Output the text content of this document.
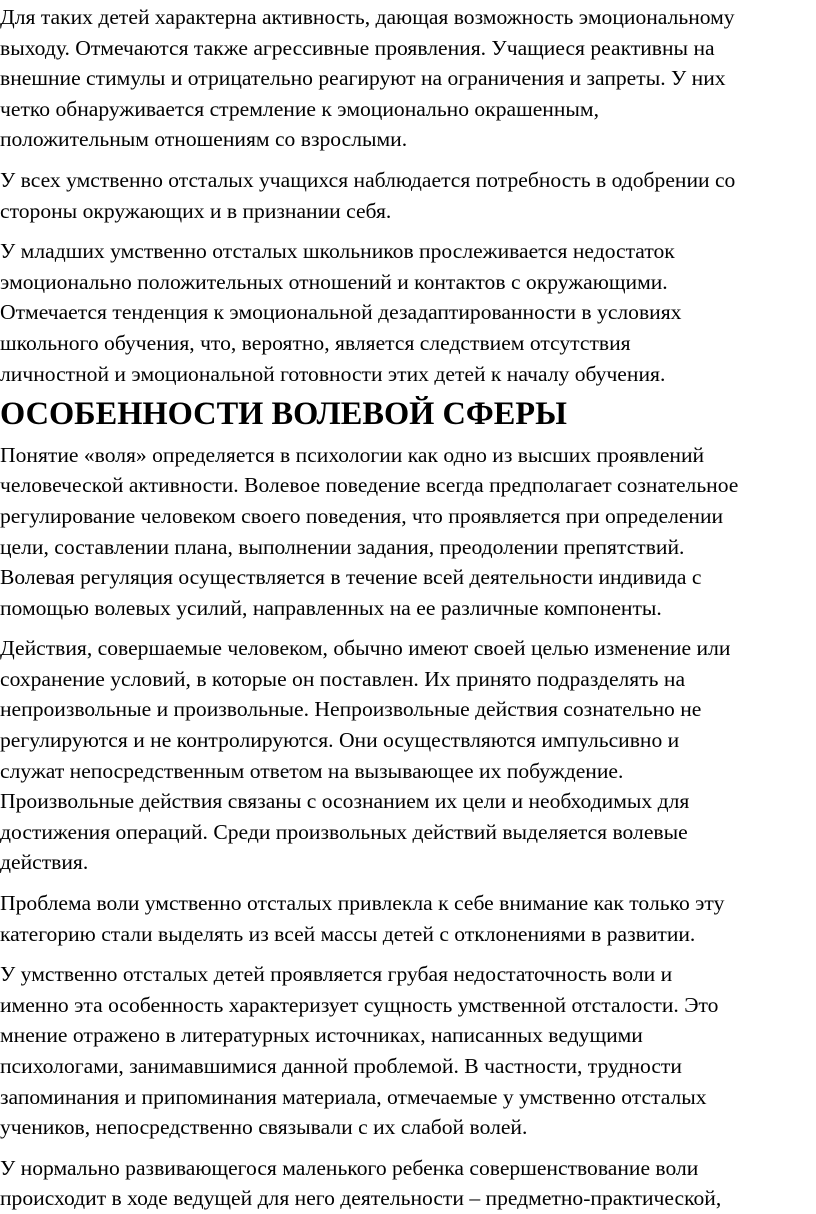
Для таких детей характерна активность, дающая возможность эмоциональному
выходу. Отмечаются также агрессивные проявления. Учащиеся реактивны на
внешние стимулы и отрицательно реагируют на ограничения и запреты. У них
четко обнаруживается стремление к эмоционально окрашенным,
положительным отношениям со взрослыми.

У всех умственно отсталых учащихся наблюдается потребность в одобрении со
стороны окружающих и в признании себя.

У младших умственно отсталых школьников прослеживается недостаток
эмоционально положительных отношений и контактов с окружающими.
Отмечается тенденция к эмоциональной дезадаптированности в условиях
школьного обучения, что, вероятно, является следствием отсутствия
личностной и эмоциональной готовности этих детей к началу обучения.

ОСОБЕННОСТИ ВОЛЕВОЙ СФЕРЫ

Понятие «воля» определяется в психологии как одно из высших проявлений
человеческой активности. Волевое поведение всегда предполагает сознательное
регулирование человеком своего поведения, что проявляется при определении
цели, составлении плана, выполнении задания, преодолении препятствий.
Волевая регуляция осуществляется в течение всей деятельности индивида с
помощью волевых усилий, направленных на ее различные компоненты.

Действия, совершаемые человеком, обычно имеют своей целью изменение или
сохранение условий, в которые он поставлен. Их принято подразделять на
непроизвольные и произвольные. Непроизвольные действия сознательно не
регулируются и не контролируются. Они осуществляются импульсивно и
служат непосредственным ответом на вызывающее их побуждение.
Произвольные действия связаны с осознанием их цели и необходимых для
достижения операций. Среди произвольных действий выделяется волевые
действия.

Проблема воли умственно отсталых привлекла к себе внимание как только эту
категорию стали выделять из всей массы детей с отклонениями в развитии.

У умственно отсталых детей проявляется грубая недостаточность воли и
именно эта особенность характеризует сущность умственной отсталости. Это
мнение отражено в литературных источниках, написанных ведущими
психологами, занимавшимися данной проблемой. В частности, трудности
запоминания и припоминания материала, отмечаемые у умственно отсталых
учеников, непосредственно связывали с их слабой волей.

У нормально развивающегося маленького ребенка совершенствование воли
происходит в ходе ведущей для него деятельности – предметно-практической,
